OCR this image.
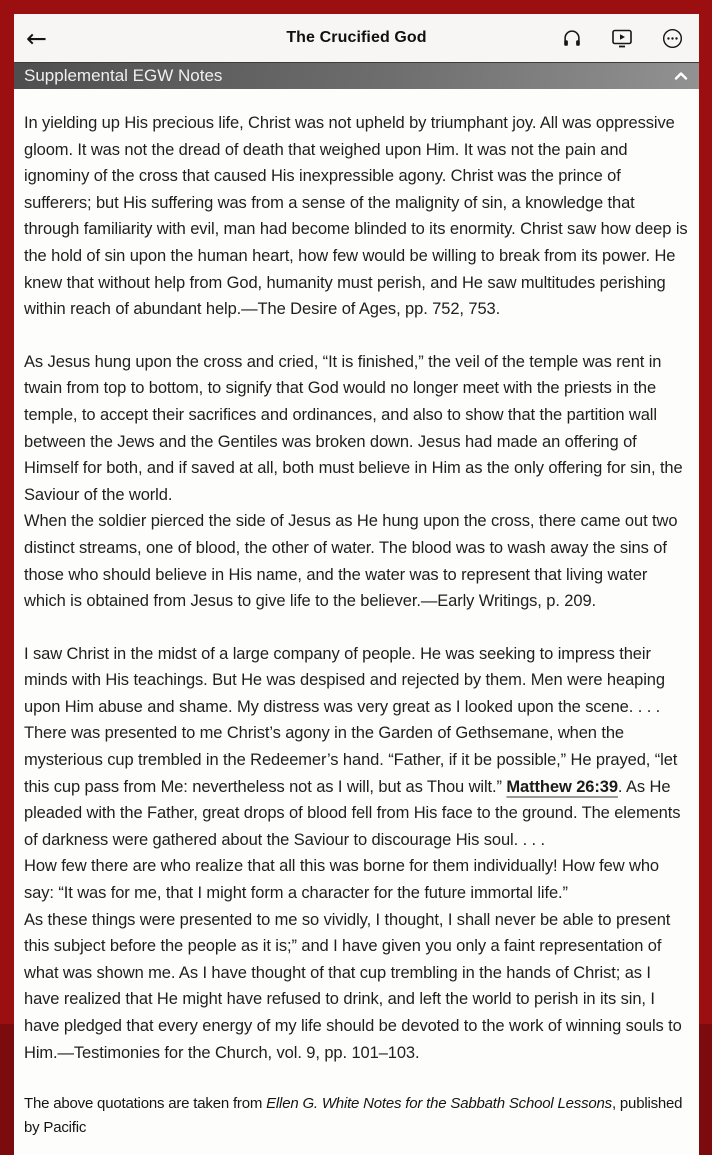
←	The Crucified God
Supplemental EGW Notes

In yielding up His precious life, Christ was not upheld by triumphant joy. All was oppressive gloom. It was not the dread of death that weighed upon Him. It was not the pain and ignominy of the cross that caused His inexpressible agony. Christ was the prince of sufferers; but His suffering was from a sense of the malignity of sin, a knowledge that through familiarity with evil, man had become blinded to its enormity. Christ saw how deep is the hold of sin upon the human heart, how few would be willing to break from its power. He knew that without help from God, humanity must perish, and He saw multitudes perishing within reach of abundant help.—The Desire of Ages, pp. 752, 753.

As Jesus hung upon the cross and cried, “It is finished,” the veil of the temple was rent in twain from top to bottom, to signify that God would no longer meet with the priests in the temple, to accept their sacrifices and ordinances, and also to show that the partition wall between the Jews and the Gentiles was broken down. Jesus had made an offering of Himself for both, and if saved at all, both must believe in Him as the only offering for sin, the Saviour of the world.
When the soldier pierced the side of Jesus as He hung upon the cross, there came out two distinct streams, one of blood, the other of water. The blood was to wash away the sins of those who should believe in His name, and the water was to represent that living water which is obtained from Jesus to give life to the believer.—Early Writings, p. 209.
I saw Christ in the midst of a large company of people. He was seeking to impress their minds with His teachings. But He was despised and rejected by them. Men were heaping upon Him abuse and shame. My distress was very great as I looked upon the scene. . . .
There was presented to me Christ’s agony in the Garden of Gethsemane, when the mysterious cup trembled in the Redeemer’s hand. “Father, if it be possible,” He prayed, “let this cup pass from Me: nevertheless not as I will, but as Thou wilt.” Matthew 26:39. As He pleaded with the Father, great drops of blood fell from His face to the ground. The elements of darkness were gathered about the Saviour to discourage His soul. . . .
How few there are who realize that all this was borne for them individually! How few who say: “It was for me, that I might form a character for the future immortal life.”
As these things were presented to me so vividly, I thought, I shall never be able to present this subject before the people as it is;” and I have given you only a faint representation of what was shown me. As I have thought of that cup trembling in the hands of Christ; as I have realized that He might have refused to drink, and left the world to perish in its sin, I have pledged that every energy of my life should be devoted to the work of winning souls to Him.—Testimonies for the Church, vol. 9, pp. 101–103.

The above quotations are taken from Ellen G. White Notes for the Sabbath School Lessons, published by Pacific
